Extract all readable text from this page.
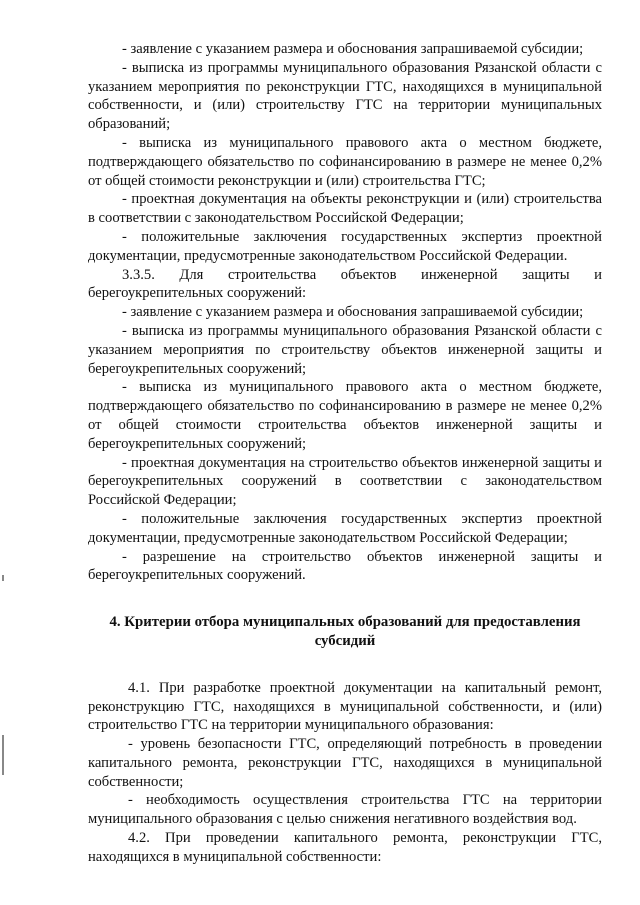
- заявление с указанием размера и обоснования запрашиваемой субсидии;

- выписка из программы муниципального образования Рязанской области с указанием мероприятия по реконструкции ГТС, находящихся в муниципальной собственности, и (или) строительству ГТС на территории муниципальных образований;

- выписка из муниципального правового акта о местном бюджете, подтверждающего обязательство по софинансированию в размере не менее 0,2% от общей стоимости реконструкции и (или) строительства ГТС;

- проектная документация на объекты реконструкции и (или) строительства в соответствии с законодательством Российской Федерации;

- положительные заключения государственных экспертиз проектной документации, предусмотренные законодательством Российской Федерации.

3.3.5. Для строительства объектов инженерной защиты и берегоукрепительных сооружений:

- заявление с указанием размера и обоснования запрашиваемой субсидии;

- выписка из программы муниципального образования Рязанской области с указанием мероприятия по строительству объектов инженерной защиты и берегоукрепительных сооружений;

- выписка из муниципального правового акта о местном бюджете, подтверждающего обязательство по софинансированию в размере не менее 0,2% от общей стоимости строительства объектов инженерной защиты и берегоукрепительных сооружений;

- проектная документация на строительство объектов инженерной защиты и берегоукрепительных сооружений в соответствии с законодательством Российской Федерации;

- положительные заключения государственных экспертиз проектной документации, предусмотренные законодательством Российской Федерации;

- разрешение на строительство объектов инженерной защиты и берегоукрепительных сооружений.

4. Критерии отбора муниципальных образований для предоставления субсидий

4.1. При разработке проектной документации на капитальный ремонт, реконструкцию ГТС, находящихся в муниципальной собственности, и (или) строительство ГТС на территории муниципального образования:

- уровень безопасности ГТС, определяющий потребность в проведении капитального ремонта, реконструкции ГТС, находящихся в муниципальной собственности;

- необходимость осуществления строительства ГТС на территории муниципального образования с целью снижения негативного воздействия вод.

4.2. При проведении капитального ремонта, реконструкции ГТС, находящихся в муниципальной собственности:
